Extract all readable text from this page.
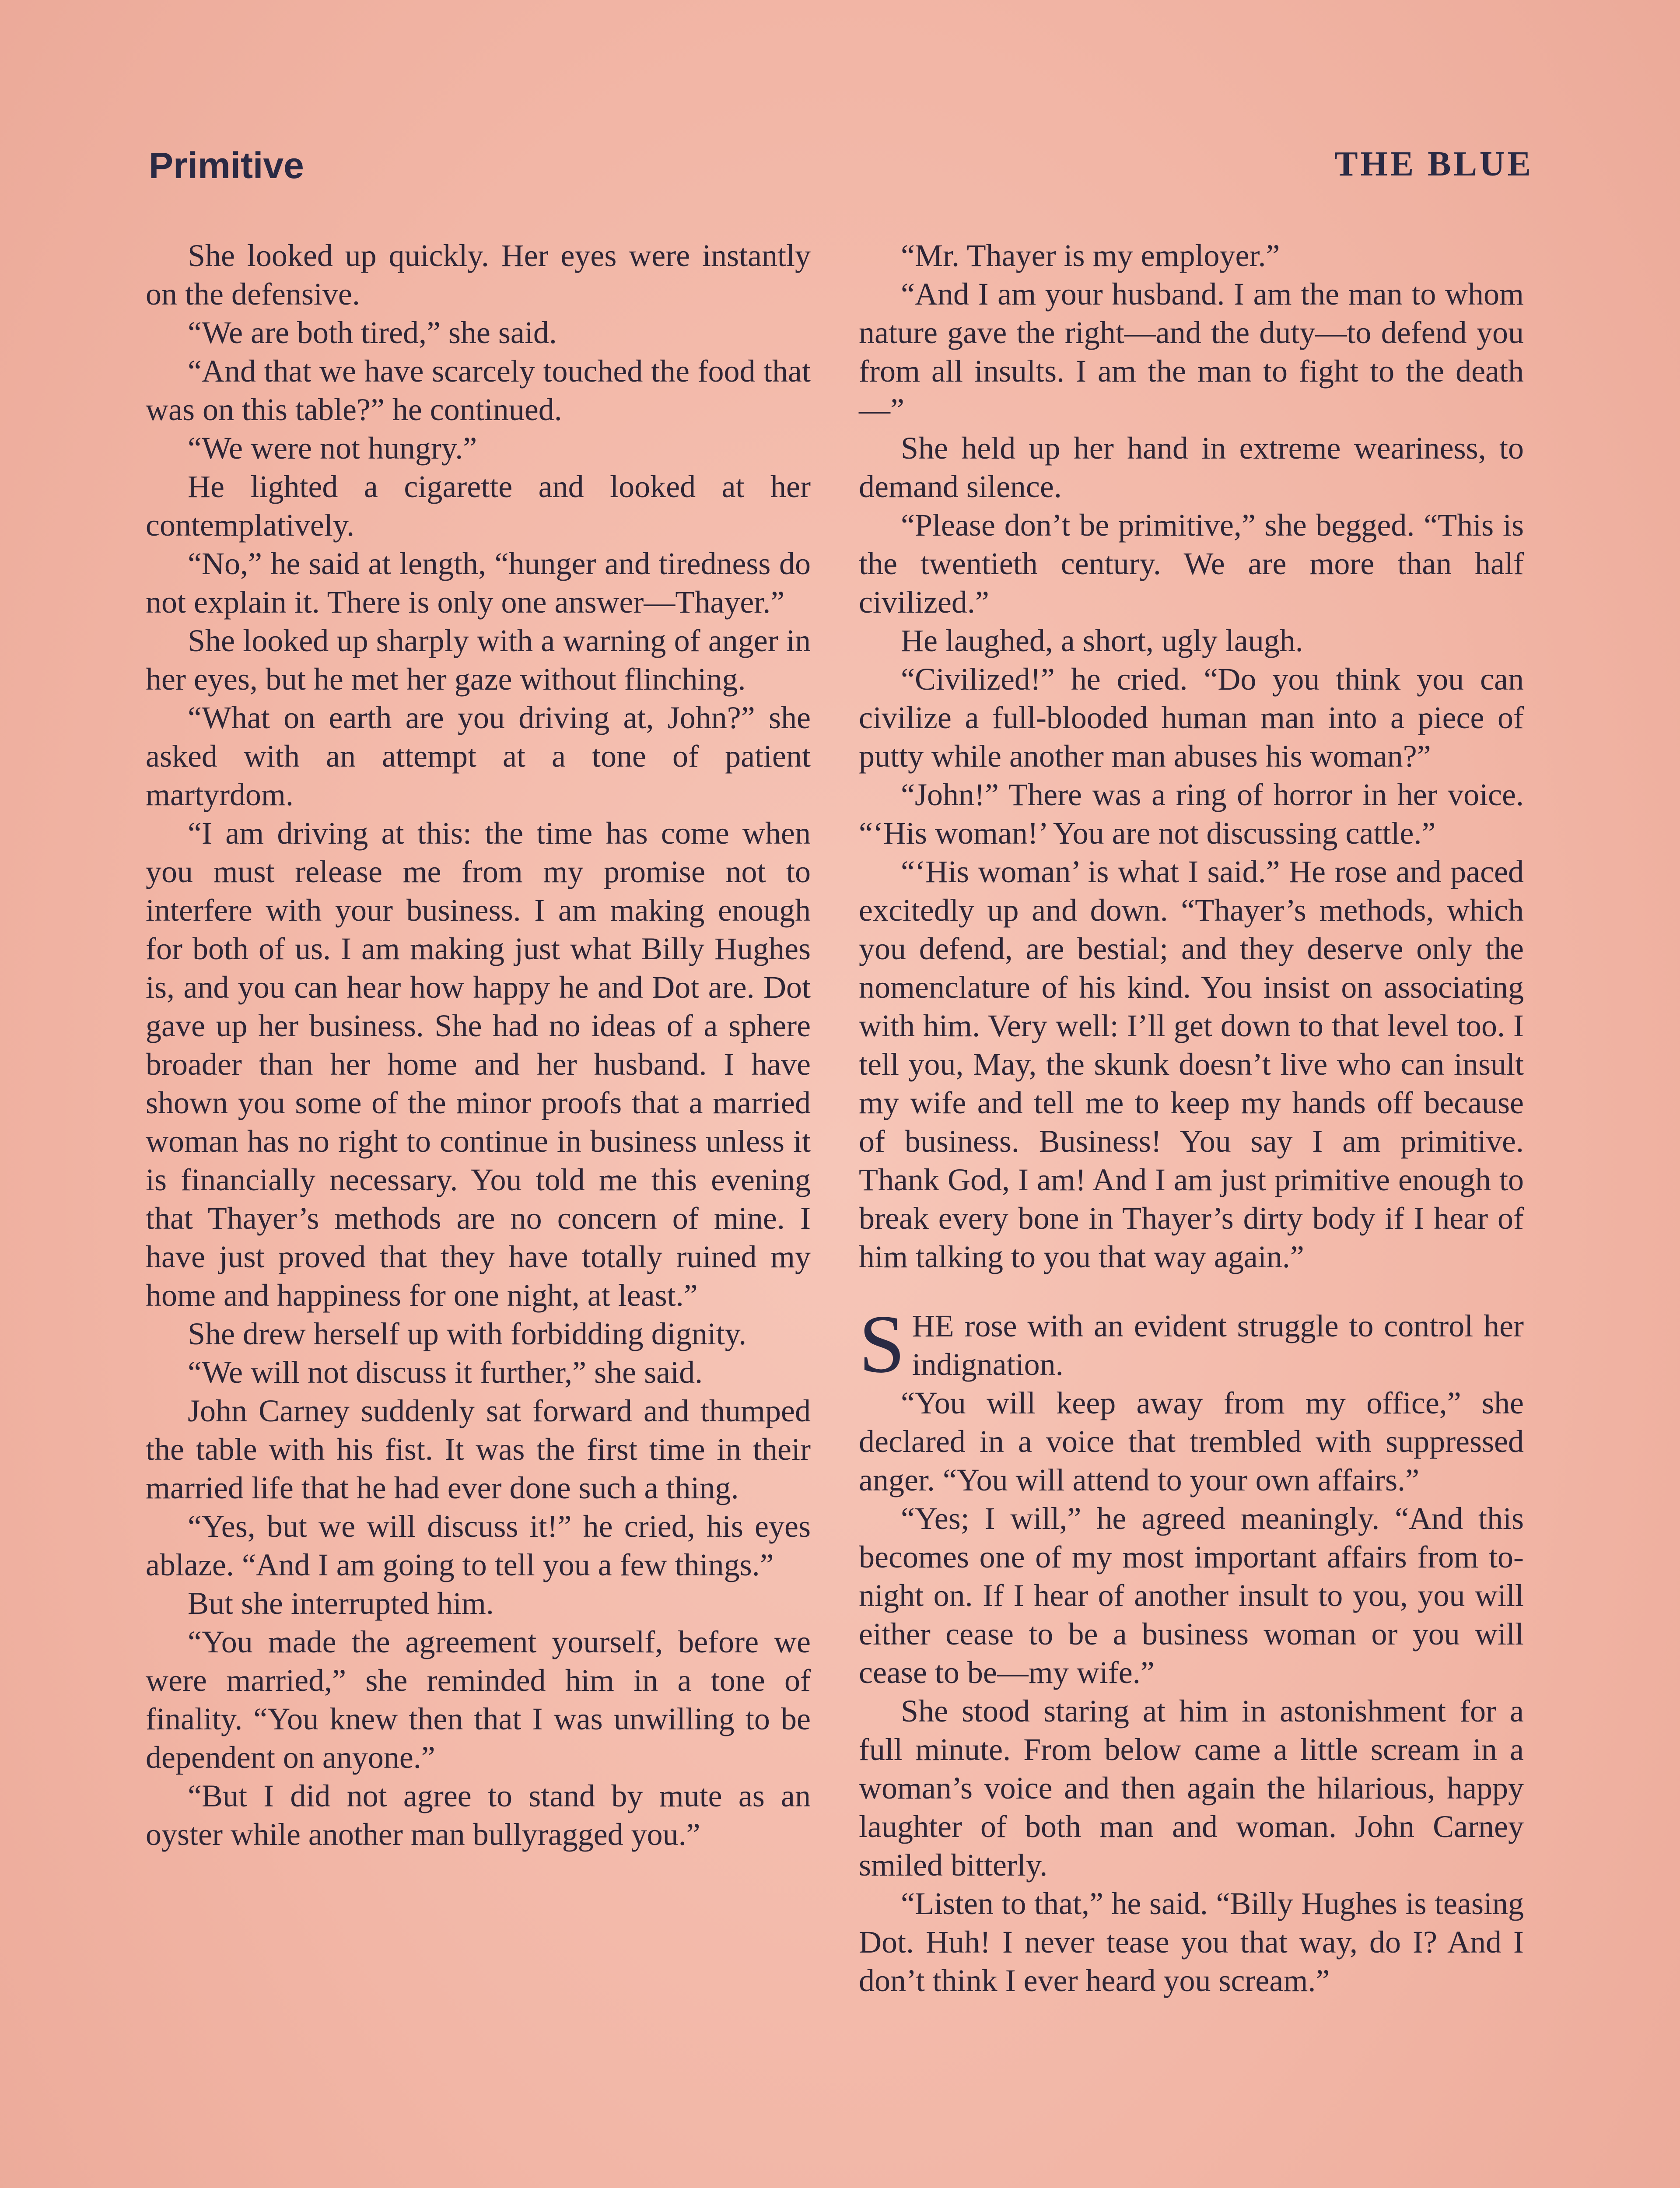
Primitive	THE BLUE

She looked up quickly. Her eyes were instantly on the defensive.

“We are both tired,” she said.

“And that we have scarcely touched the food that was on this table?” he continued.

“We were not hungry.”

He lighted a cigarette and looked at her contemplatively.

“No,” he said at length, “hunger and tiredness do not explain it. There is only one answer—Thayer.”

She looked up sharply with a warning of anger in her eyes, but he met her gaze without flinching.

“What on earth are you driving at, John?” she asked with an attempt at a tone of patient martyrdom.

“I am driving at this: the time has come when you must release me from my promise not to interfere with your business. I am making enough for both of us. I am making just what Billy Hughes is, and you can hear how happy he and Dot are. Dot gave up her business. She had no ideas of a sphere broader than her home and her husband. I have shown you some of the minor proofs that a married woman has no right to continue in business unless it is financially necessary. You told me this evening that Thayer’s methods are no concern of mine. I have just proved that they have totally ruined my home and happiness for one night, at least.”

She drew herself up with forbidding dignity.

“We will not discuss it further,” she said.

John Carney suddenly sat forward and thumped the table with his fist. It was the first time in their married life that he had ever done such a thing.

“Yes, but we will discuss it!” he cried, his eyes ablaze. “And I am going to tell you a few things.”

But she interrupted him.

“You made the agreement yourself, before we were married,” she reminded him in a tone of finality. “You knew then that I was unwilling to be dependent on anyone.”

“But I did not agree to stand by mute as an oyster while another man bullyragged you.”

“Mr. Thayer is my employer.”

“And I am your husband. I am the man to whom nature gave the right—and the duty—to defend you from all insults. I am the man to fight to the death—”

She held up her hand in extreme weariness, to demand silence.

“Please don’t be primitive,” she begged. “This is the twentieth century. We are more than half civilized.”

He laughed, a short, ugly laugh.

“Civilized!” he cried. “Do you think you can civilize a full-blooded human man into a piece of putty while another man abuses his woman?”

“John!” There was a ring of horror in her voice. “‘His woman!’ You are not discussing cattle.”

“‘His woman’ is what I said.” He rose and paced excitedly up and down. “Thayer’s methods, which you defend, are bestial; and they deserve only the nomenclature of his kind. You insist on associating with him. Very well: I’ll get down to that level too. I tell you, May, the skunk doesn’t live who can insult my wife and tell me to keep my hands off because of business. Business! You say I am primitive. Thank God, I am! And I am just primitive enough to break every bone in Thayer’s dirty body if I hear of him talking to you that way again.”

SHE rose with an evident struggle to control her indignation.

“You will keep away from my office,” she declared in a voice that trembled with suppressed anger. “You will attend to your own affairs.”

“Yes; I will,” he agreed meaningly. “And this becomes one of my most important affairs from to-night on. If I hear of another insult to you, you will either cease to be a business woman or you will cease to be—my wife.”

She stood staring at him in astonishment for a full minute. From below came a little scream in a woman’s voice and then again the hilarious, happy laughter of both man and woman. John Carney smiled bitterly.

“Listen to that,” he said. “Billy Hughes is teasing Dot. Huh! I never tease you that way, do I? And I don’t think I ever heard you scream.”
